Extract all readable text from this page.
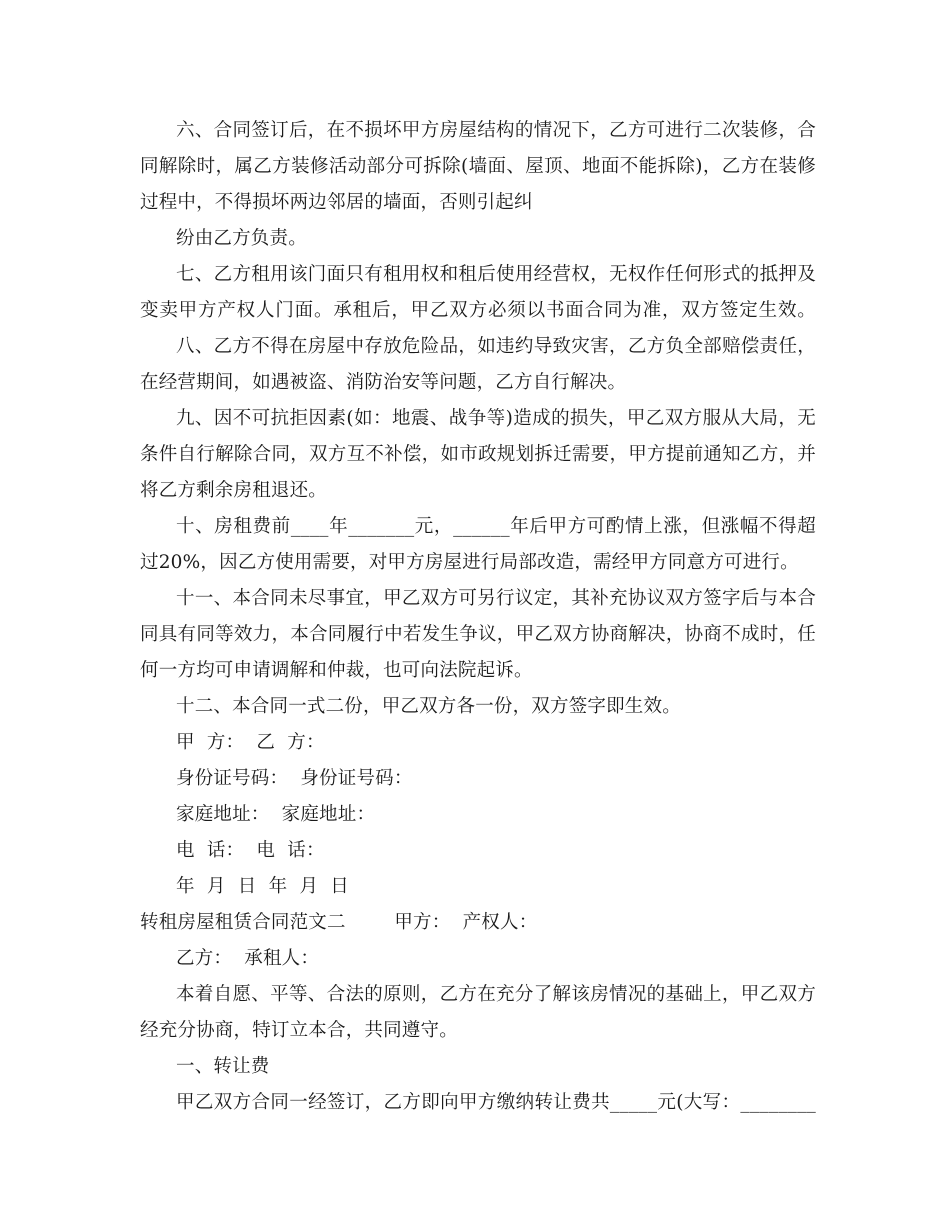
六、合同签订后，在不损坏甲方房屋结构的情况下，乙方可进行二次装修，合
同解除时，属乙方装修活动部分可拆除(墙面、屋顶、地面不能拆除)，乙方在装修
过程中，不得损坏两边邻居的墙面，否则引起纠
纷由乙方负责。
七、乙方租用该门面只有租用权和租后使用经营权，无权作任何形式的抵押及
变卖甲方产权人门面。承租后，甲乙双方必须以书面合同为准，双方签定生效。
八、乙方不得在房屋中存放危险品，如违约导致灾害，乙方负全部赔偿责任，
在经营期间，如遇被盗、消防治安等问题，乙方自行解决。
九、因不可抗拒因素(如：地震、战争等)造成的损失，甲乙双方服从大局，无
条件自行解除合同，双方互不补偿，如市政规划拆迁需要，甲方提前通知乙方，并
将乙方剩余房租退还。
十、房租费前____年_______元，______年后甲方可酌情上涨，但涨幅不得超
过20%，因乙方使用需要，对甲方房屋进行局部改造，需经甲方同意方可进行。
十一、本合同未尽事宜，甲乙双方可另行议定，其补充协议双方签字后与本合
同具有同等效力，本合同履行中若发生争议，甲乙双方协商解决，协商不成时，任
何一方均可申请调解和仲裁，也可向法院起诉。
十二、本合同一式二份，甲乙双方各一份，双方签字即生效。
甲  方：  乙  方：
身份证号码：  身份证号码：
家庭地址：  家庭地址：
电  话：  电  话：
年  月  日  年  月  日
转租房屋租赁合同范文二        甲方：  产权人：
乙方：  承租人：
本着自愿、平等、合法的原则，乙方在充分了解该房情况的基础上，甲乙双方
经充分协商，特订立本合，共同遵守。
一、转让费
甲乙双方合同一经签订，乙方即向甲方缴纳转让费共_____元(大写：________
